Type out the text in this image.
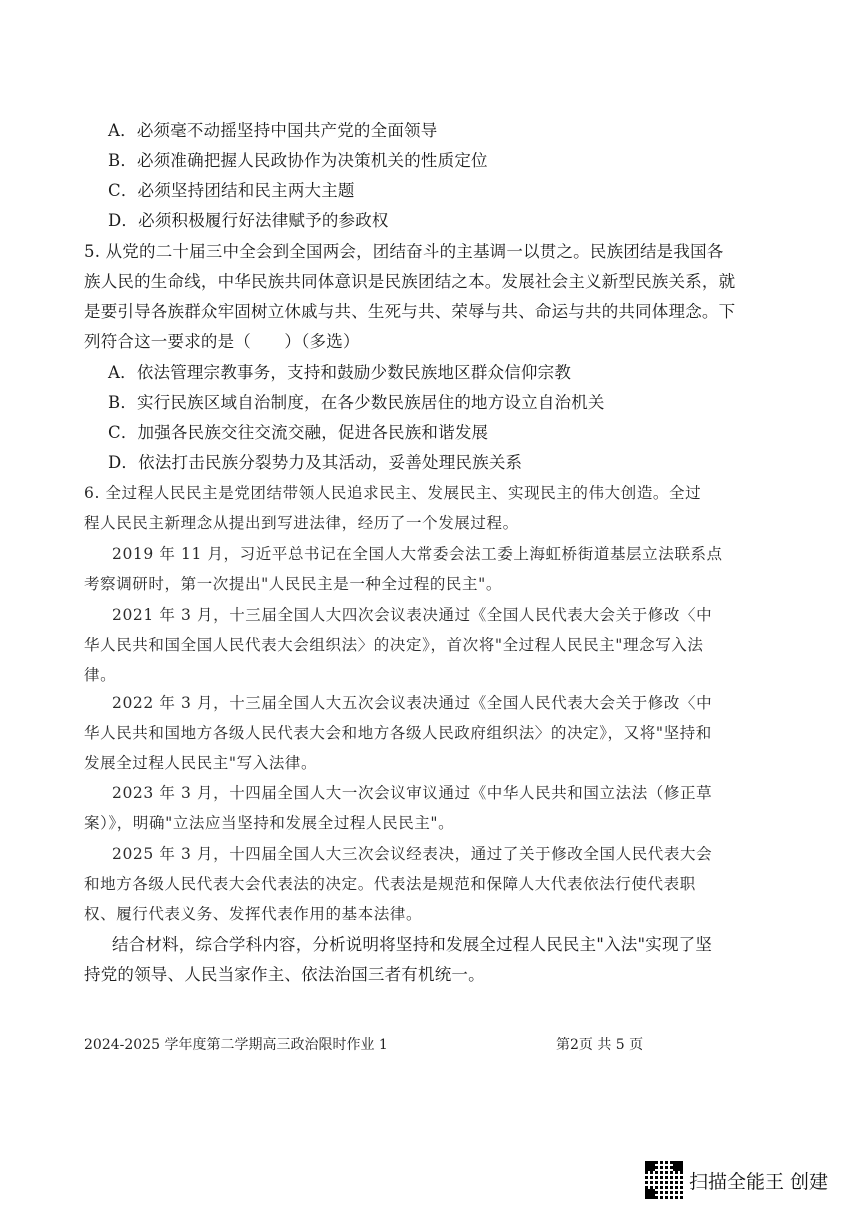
A．必须毫不动摇坚持中国共产党的全面领导
B．必须准确把握人民政协作为决策机关的性质定位
C．必须坚持团结和民主两大主题
D．必须积极履行好法律赋予的参政权
5. 从党的二十届三中全会到全国两会，团结奋斗的主基调一以贯之。民族团结是我国各
族人民的生命线，中华民族共同体意识是民族团结之本。发展社会主义新型民族关系，就
是要引导各族群众牢固树立休戚与共、生死与共、荣辱与共、命运与共的共同体理念。下
列符合这一要求的是（　　）（多选）
A．依法管理宗教事务，支持和鼓励少数民族地区群众信仰宗教
B．实行民族区域自治制度，在各少数民族居住的地方设立自治机关
C．加强各民族交往交流交融，促进各民族和谐发展
D．依法打击民族分裂势力及其活动，妥善处理民族关系
6. 全过程人民民主是党团结带领人民追求民主、发展民主、实现民主的伟大创造。全过
程人民民主新理念从提出到写进法律，经历了一个发展过程。
2019 年 11 月，习近平总书记在全国人大常委会法工委上海虹桥街道基层立法联系点
考察调研时，第一次提出"人民民主是一种全过程的民主"。
2021 年 3 月，十三届全国人大四次会议表决通过《全国人民代表大会关于修改〈中
华人民共和国全国人民代表大会组织法〉的决定》，首次将"全过程人民民主"理念写入法
律。
2022 年 3 月，十三届全国人大五次会议表决通过《全国人民代表大会关于修改〈中
华人民共和国地方各级人民代表大会和地方各级人民政府组织法〉的决定》，又将"坚持和
发展全过程人民民主"写入法律。
2023 年 3 月，十四届全国人大一次会议审议通过《中华人民共和国立法法（修正草
案）》，明确"立法应当坚持和发展全过程人民民主"。
2025 年 3 月，十四届全国人大三次会议经表决，通过了关于修改全国人民代表大会
和地方各级人民代表大会代表法的决定。代表法是规范和保障人大代表依法行使代表职
权、履行代表义务、发挥代表作用的基本法律。
结合材料，综合学科内容，分析说明将坚持和发展全过程人民民主"入法"实现了坚
持党的领导、人民当家作主、依法治国三者有机统一。
2024-2025 学年度第二学期高三政治限时作业 1	第2页 共 5 页
扫描全能王 创建
